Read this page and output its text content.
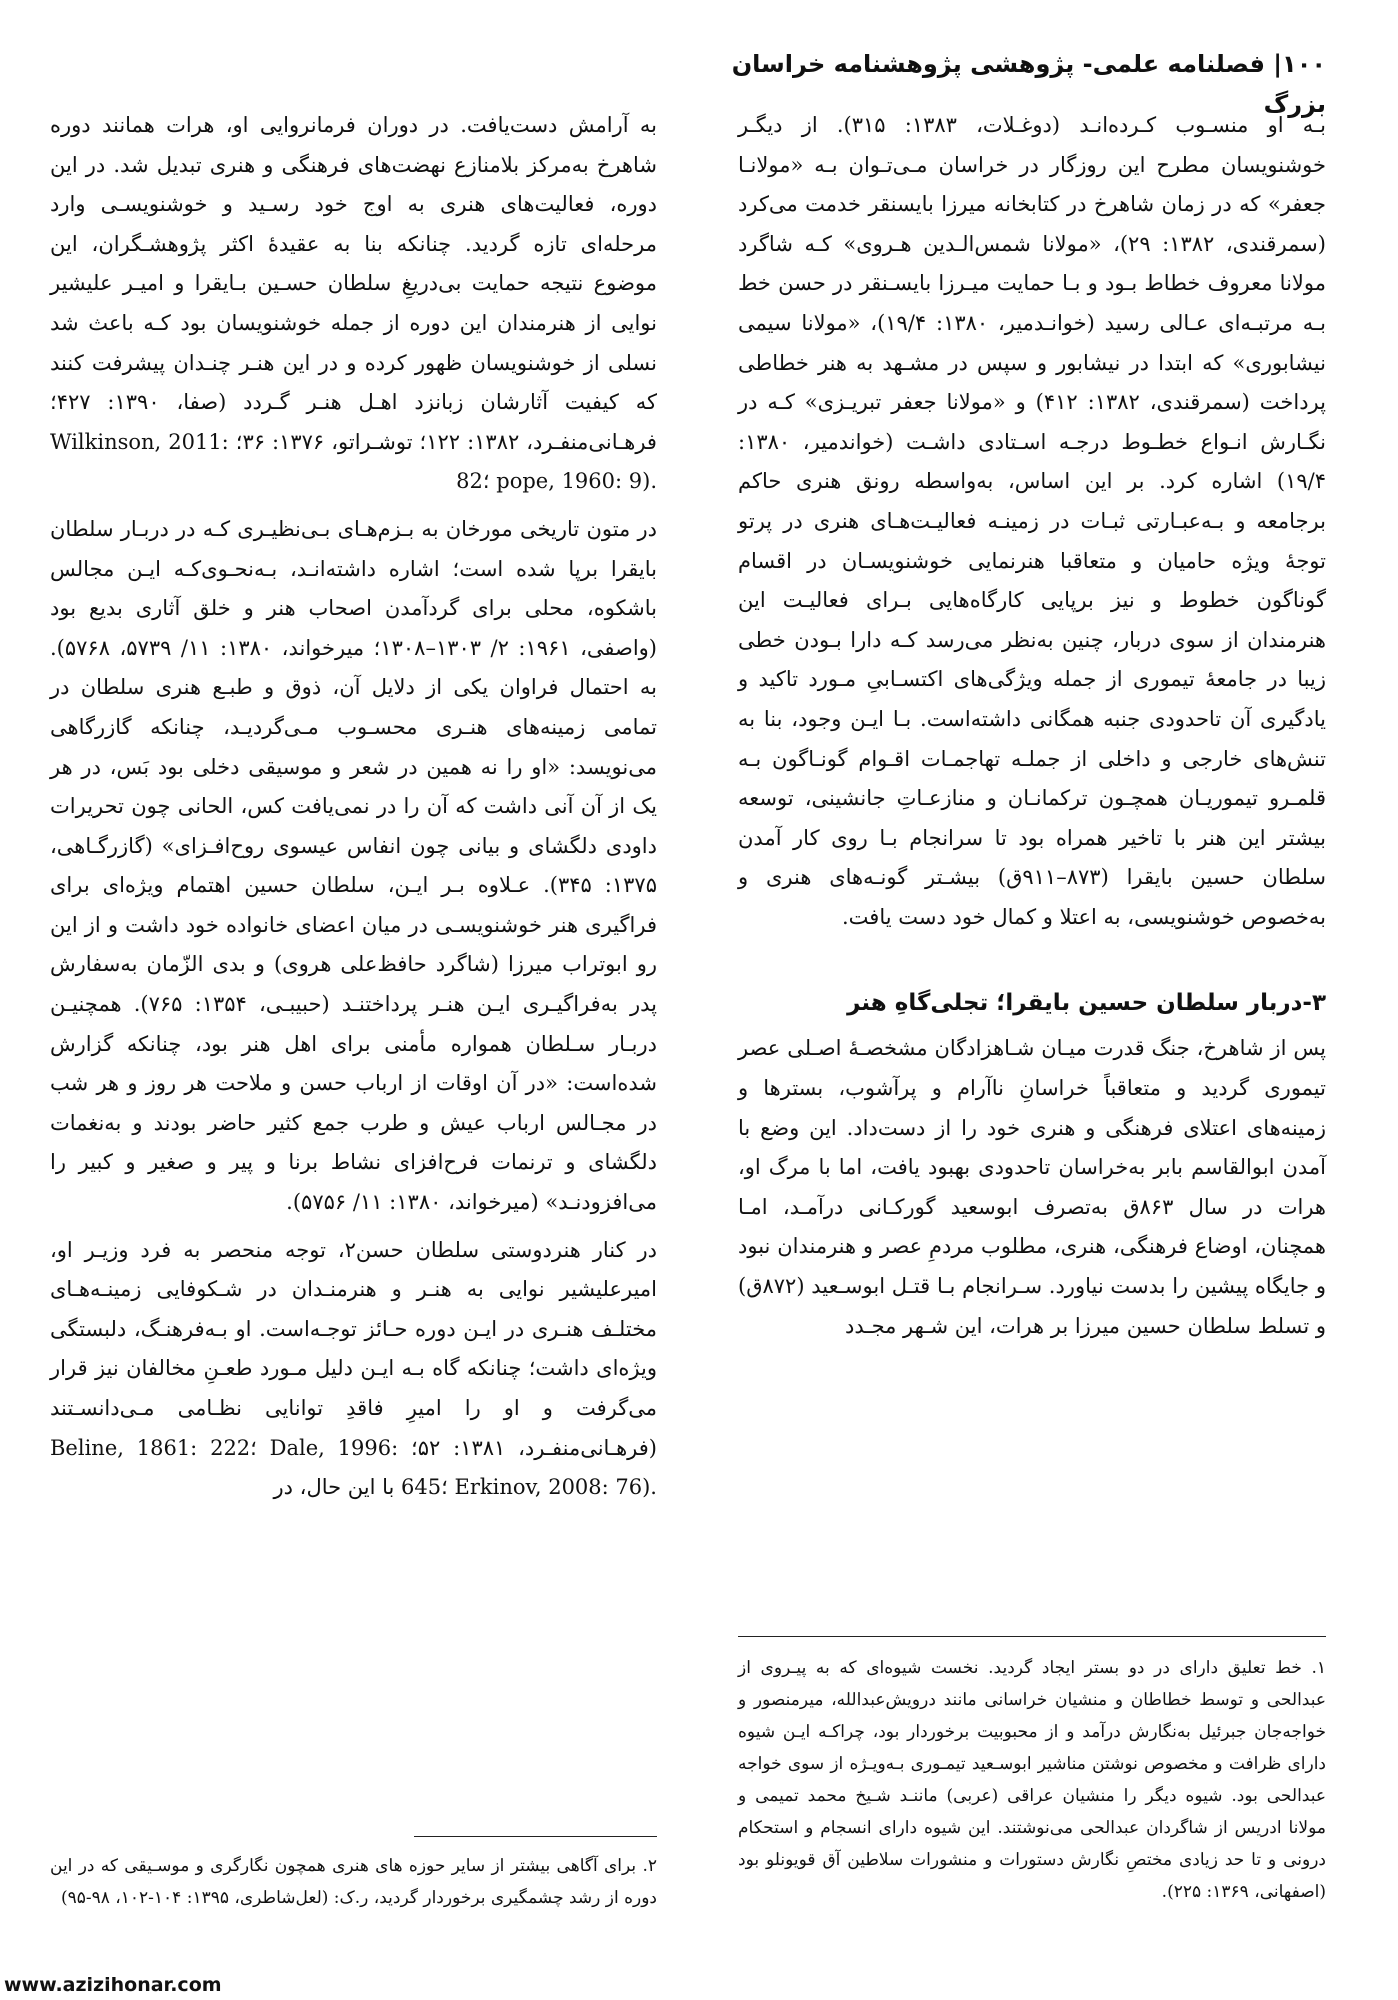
۱۰۰| فصلنامه علمی- پژوهشی پژوهشنامه خراسان بزرگ

بـه او منسـوب کـرده‌انـد (دوغـلات، ۱۳۸۳: ۳۱۵). از دیگـر خوشنویسان مطرح این روزگار در خراسان مـی‌تـوان بـه «مولانـا جعفر» که در زمان شاهرخ در کتابخانه میرزا بایسنقر خدمت می‌کرد (سمرقندی، ۱۳۸۲: ۲۹)، «مولانا شمس‌الـدین هـروی» کـه شاگرد مولانا معروف خطاط بـود و بـا حمایت میـرزا بایسـنقر در حسن خط بـه مرتبـه‌ای عـالی رسید (خوانـدمیر، ۱۳۸۰: ۱۹/۴)، «مولانا سیمی نیشابوری» که ابتدا در نیشابور و سپس در مشـهد به هنر خطاطی پرداخت (سمرقندی، ۱۳۸۲: ۴۱۲) و «مولانا جعفر تبریـزی» کـه در نگـارش انـواع خطـوط درجـه اسـتادی داشـت (خواندمیر، ۱۳۸۰: ۱۹/۴) اشاره کرد. بر این اساس، به‌واسطه رونق هنری حاکم برجامعه و بـه‌عبـارتی ثبـات در زمینـه فعالیـت‌هـای هنری در پرتو توجهٔ ویژه حامیان و متعاقبا هنرنمایی خوشنویسـان در اقسام گوناگون خطوط و نیز برپایی کارگاه‌هایی بـرای فعالیـت این هنرمندان از سوی دربار، چنین به‌نظر می‌رسد کـه دارا بـودن خطی زیبا در جامعهٔ تیموری از جمله ویژگی‌های اکتسـابیِ مـورد تاکید و یادگیری آن تاحدودی جنبه همگانی داشته‌است. بـا ایـن وجود، بنا به تنش‌های خارجی و داخلی از جملـه تهاجمـات اقـوام گونـاگون بـه قلمـرو تیموریـان همچـون ترکمانـان و منازعـاتِ جانشینی، توسعه بیشتر این هنر با تاخیر همراه بود تا سرانجام بـا روی کار آمدن سلطان حسین بایقرا (۸۷۳–۹۱۱ق) بیشـتر گونـه‌های هنری و به‌خصوص خوشنویسی، به اعتلا و کمال خود دست یافت.

۳-دربار سلطان حسین بایقرا؛ تجلی‌گاهِ هنر

پس از شاهرخ، جنگ قدرت میـان شـاهزادگان مشخصـهٔ اصـلی عصر تیموری گردید و متعاقباً خراسانِ ناآرام و پرآشوب، بسترها و زمینه‌های اعتلای فرهنگی و هنری خود را از دست‌داد. این وضع با آمدن ابوالقاسم بابر به‌خراسان تاحدودی بهبود یافت، اما با مرگ او، هرات در سال ۸۶۳ق به‌تصرف ابوسعید گورکـانی درآمـد، امـا همچنان، اوضاع فرهنگی، هنری، مطلوب مردمِ عصر و هنرمندان نبود و جایگاه پیشین را بدست نیاورد. سـرانجام بـا قتـل ابوسـعید (۸۷۲ق) و تسلط سلطان حسین میرزا بر هرات، این شـهر مجـدد

به آرامش دست‌یافت. در دوران فرمانروایی او، هرات همانند دوره شاهرخ به‌مرکز بلامنازع نهضت‌های فرهنگی و هنری تبدیل شد. در این دوره، فعالیت‌های هنری به اوج خود رسـید و خوشنویسـی وارد مرحله‌ای تازه گردید. چنانکه بنا به عقیدهٔ اکثر پژوهشـگران، این موضوع نتیجه حمایت بی‌دریغِ سلطان حسـین بـایقرا و امیـر علیشیر نوایی از هنرمندان این دوره از جمله خوشنویسان بود کـه باعث شد نسلی از خوشنویسان ظهور کرده و در این هنـر چنـدان پیشرفت کنند که کیفیت آثارشان زبانزد اهـل هنـر گـردد (صفا، ۱۳۹۰: ۴۲۷؛ فرهـانی‌منفـرد، ۱۳۸۲: ۱۲۲؛ توشـراتو، ۱۳۷۶: ۳۶؛ Wilkinson, 2011: 82؛ pope, 1960: 9).

در متون تاریخی مورخان به بـزم‌هـای بـی‌نظیـری کـه در دربـار سلطان بایقرا برپا شده است؛ اشاره داشته‌انـد، بـه‌نحـوی‌کـه ایـن مجالس باشکوه، محلی برای گردآمدن اصحاب هنر و خلق آثاری بدیع بود (واصفی، ۱۹۶۱: ۲/ ۱۳۰۳–۱۳۰۸؛ میرخواند، ۱۳۸۰: ۱۱/ ۵۷۳۹، ۵۷۶۸). به احتمال فراوان یکی از دلایل آن، ذوق و طبـع هنری سلطان در تمامی زمینه‌های هنـری محسـوب مـی‌گردیـد، چنانکه گازرگاهی می‌نویسد: «او را نه همین در شعر و موسیقی دخلی بود بَس، در هر یک از آن آنی داشت که آن را در نمی‌یافت کس، الحانی چون تحریرات داودی دلگشای و بیانی چون انفاس عیسوی روح‌افـزای» (گازرگـاهی، ۱۳۷۵: ۳۴۵). عـلاوه بـر ایـن، سلطان حسین اهتمام ویژه‌ای برای فراگیری هنر خوشنویسـی در میان اعضای خانواده خود داشت و از این رو ابوتراب میرزا (شاگرد حافظ‌علی هروی) و بدی الزّمان به‌سفارش پدر به‌فراگیـری ایـن هنـر پرداختنـد (حبیبـی، ۱۳۵۴: ۷۶۵). همچنیـن دربـار سـلطان همواره مأمنی برای اهل هنر بود، چنانکه گزارش شده‌است: «در آن اوقات از ارباب حسن و ملاحت هر روز و هر شب در مجـالس ارباب عیش و طرب جمع کثیر حاضر بودند و به‌نغمات دلگشای و ترنمات فرح‌افزای نشاط برنا و پیر و صغیر و کبیر را می‌افزودنـد» (میرخواند، ۱۳۸۰: ۱۱/ ۵۷۵۶).

در کنار هنردوستی سلطان حسن۲، توجه منحصر به فرد وزیـر او، امیرعلیشیر نوایی به هنـر و هنرمنـدان در شـکوفایی زمینـه‌هـای مختلـف هنـری در ایـن دوره حـائز توجـه‌است. او بـه‌فرهنـگ، دلبستگی ویژه‌ای داشت؛ چنانکه گاه بـه ایـن دلیل مـورد طعـنِ مخالفان نیز قرار می‌گرفت و او را امیرِ فاقدِ توانایی نظـامی مـی‌دانسـتند (فرهـانی‌منفـرد، ۱۳۸۱: ۵۲؛ Beline, 1861: 222؛ Dale, 1996: 645؛ Erkinov, 2008: 76). با این حال، در

۱. خط تعلیق دارای در دو بستر ایجاد گردید. نخست شیوه‌ای که به پیـروی از عبدالحی و توسط خطاطان و منشیان خراسانی مانند درویش‌عبدالله، میرمنصور و خواجه‌جان جبرئیل به‌نگارش درآمد و از محبوبیت برخوردار بود، چراکـه ایـن شیوه دارای ظرافت و مخصوص نوشتن مناشیر ابوسـعید تیمـوری بـه‌ویـژه از سوی خواجه عبدالحی بود. شیوه دیگر را منشیان عراقی (عربی) ماننـد شـیخ محمد تمیمی و مولانا ادریس از شاگردان عبدالحی می‌نوشتند. این شیوه دارای انسجام و استحکام درونی و تا حد زیادی مختصِ نگارش دستورات و منشورات سلاطین آق قویونلو بود (اصفهانی، ۱۳۶۹: ۲۲۵).

۲. برای آگاهی بیشتر از سایر حوزه های هنری همچون نگارگری و موسـیقی که در این دوره از رشد چشمگیری برخوردار گردید، ر.ک: (لعل‌شاطری، ۱۳۹۵: ۱۰۴-۱۰۲، ۹۸-۹۵)

www.azizihonar.com
